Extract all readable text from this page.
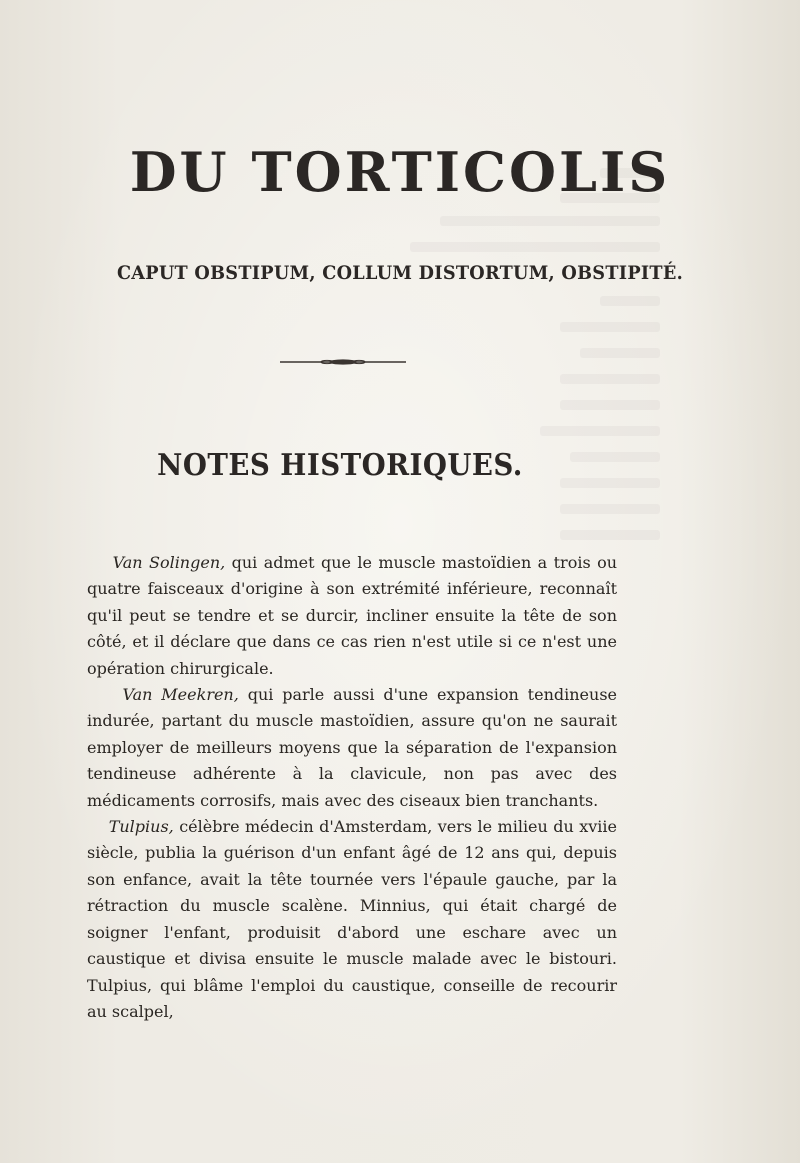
DU TORTICOLIS
CAPUT OBSTIPUM, COLLUM DISTORTUM, OBSTIPITÉ.
NOTES HISTORIQUES.

Van Solingen, qui admet que le muscle mastoïdien a trois ou quatre faisceaux d'origine à son extrémité inférieure, reconnaît qu'il peut se tendre et se durcir, incliner ensuite la tête de son côté, et il déclare que dans ce cas rien n'est utile si ce n'est une opération chirurgicale.

Van Meekren, qui parle aussi d'une expansion tendineuse indurée, partant du muscle mastoïdien, assure qu'on ne saurait employer de meilleurs moyens que la séparation de l'expansion tendineuse adhérente à la clavicule, non pas avec des médicaments corrosifs, mais avec des ciseaux bien tranchants.

Tulpius, célèbre médecin d'Amsterdam, vers le milieu du xviie siècle, publia la guérison d'un enfant âgé de 12 ans qui, depuis son enfance, avait la tête tournée vers l'épaule gauche, par la rétraction du muscle scalène. Minnius, qui était chargé de soigner l'enfant, produisit d'abord une eschare avec un caustique et divisa ensuite le muscle malade avec le bistouri. Tulpius, qui blâme l'emploi du caustique, conseille de recourir au scalpel,
